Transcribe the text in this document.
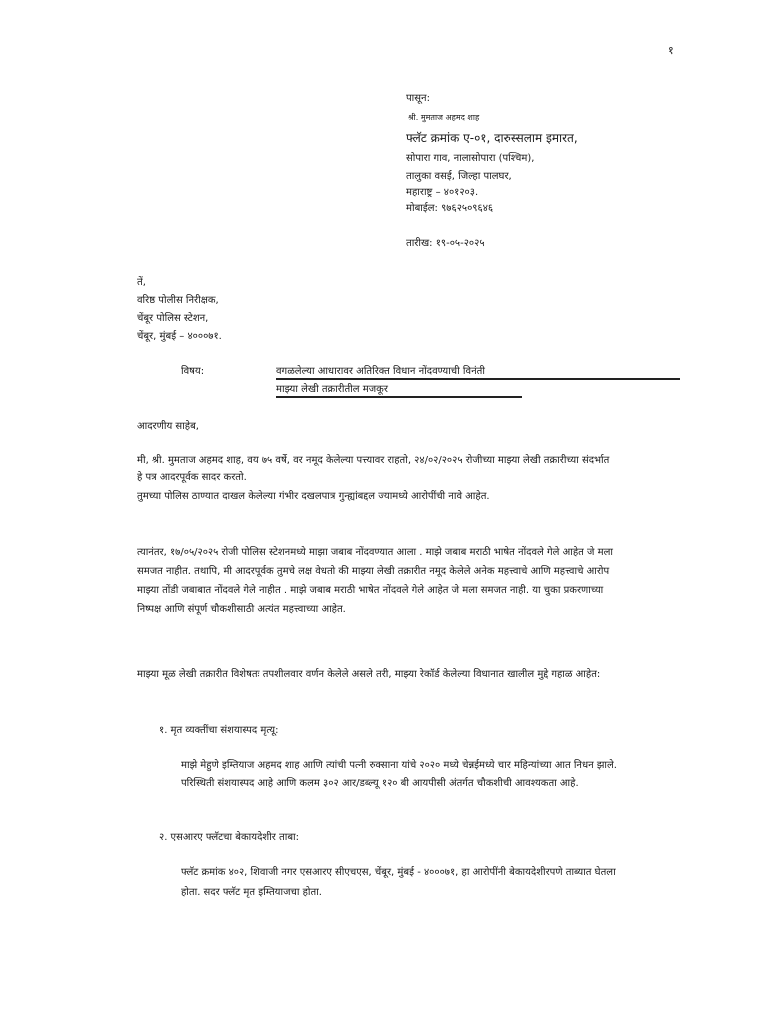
१
पासून:
श्री. मुमताज अहमद शाह
फ्लॅट क्रमांक ए-०१, दारुस्सलाम इमारत,
सोपारा गाव, नालासोपारा (पश्चिम),
तालुका वसई, जिल्हा पालघर,
महाराष्ट्र – ४०१२०३.
मोबाईल: ९७६२५०९६४६
तारीख: १९-०५-२०२५
तें,
वरिष्ठ पोलीस निरीक्षक,
चेंबूर पोलिस स्टेशन,
चेंबूर, मुंबई – ४०००७१.
विषय:	वगळलेल्या आधारावर अतिरिक्त विधान नोंदवण्याची विनंती
माझ्या लेखी तक्रारीतील मजकूर
आदरणीय साहेब,
मी, श्री. मुमताज अहमद शाह, वय ७५ वर्षे, वर नमूद केलेल्या पत्त्यावर राहतो, २४/०२/२०२५ रोजीच्या माझ्या लेखी तक्रारीच्या संदर्भात
हे पत्र आदरपूर्वक सादर करतो.
तुमच्या पोलिस ठाण्यात दाखल केलेल्या गंभीर दखलपात्र गुन्ह्यांबद्दल ज्यामध्ये आरोपींची नावे आहेत.
त्यानंतर, १७/०५/२०२५ रोजी पोलिस स्टेशनमध्ये माझा जबाब नोंदवण्यात आला . माझे जबाब मराठी भाषेत नोंदवले गेले आहेत जे मला
समजत नाहीत. तथापि, मी आदरपूर्वक तुमचे लक्ष वेधतो की माझ्या लेखी तक्रारीत नमूद केलेले अनेक महत्त्वाचे आणि महत्त्वाचे आरोप
माझ्या तोंडी जबाबात नोंदवले गेले नाहीत . माझे जबाब मराठी भाषेत नोंदवले गेले आहेत जे मला समजत नाही. या चुका प्रकरणाच्या
निष्पक्ष आणि संपूर्ण चौकशीसाठी अत्यंत महत्त्वाच्या आहेत.
माझ्या मूळ लेखी तक्रारीत विशेषतः तपशीलवार वर्णन केलेले असले तरी, माझ्या रेकॉर्ड केलेल्या विधानात खालील मुद्दे गहाळ आहेत:
१. मृत व्यक्तींचा संशयास्पद मृत्यू:
माझे मेहुणे इम्तियाज अहमद शाह आणि त्यांची पत्नी रुक्साना यांचे २०२० मध्ये चेन्नईमध्ये चार महिन्यांच्या आत निधन झाले.
परिस्थिती संशयास्पद आहे आणि कलम ३०२ आर/डब्ल्यू १२० बी आयपीसी अंतर्गत चौकशीची आवश्यकता आहे.
२. एसआरए फ्लॅटचा बेकायदेशीर ताबा:
फ्लॅट क्रमांक ४०२, शिवाजी नगर एसआरए सीएचएस, चेंबूर, मुंबई - ४०००७१, हा आरोपींनी बेकायदेशीरपणे ताब्यात घेतला
होता. सदर फ्लॅट मृत इम्तियाजचा होता.
